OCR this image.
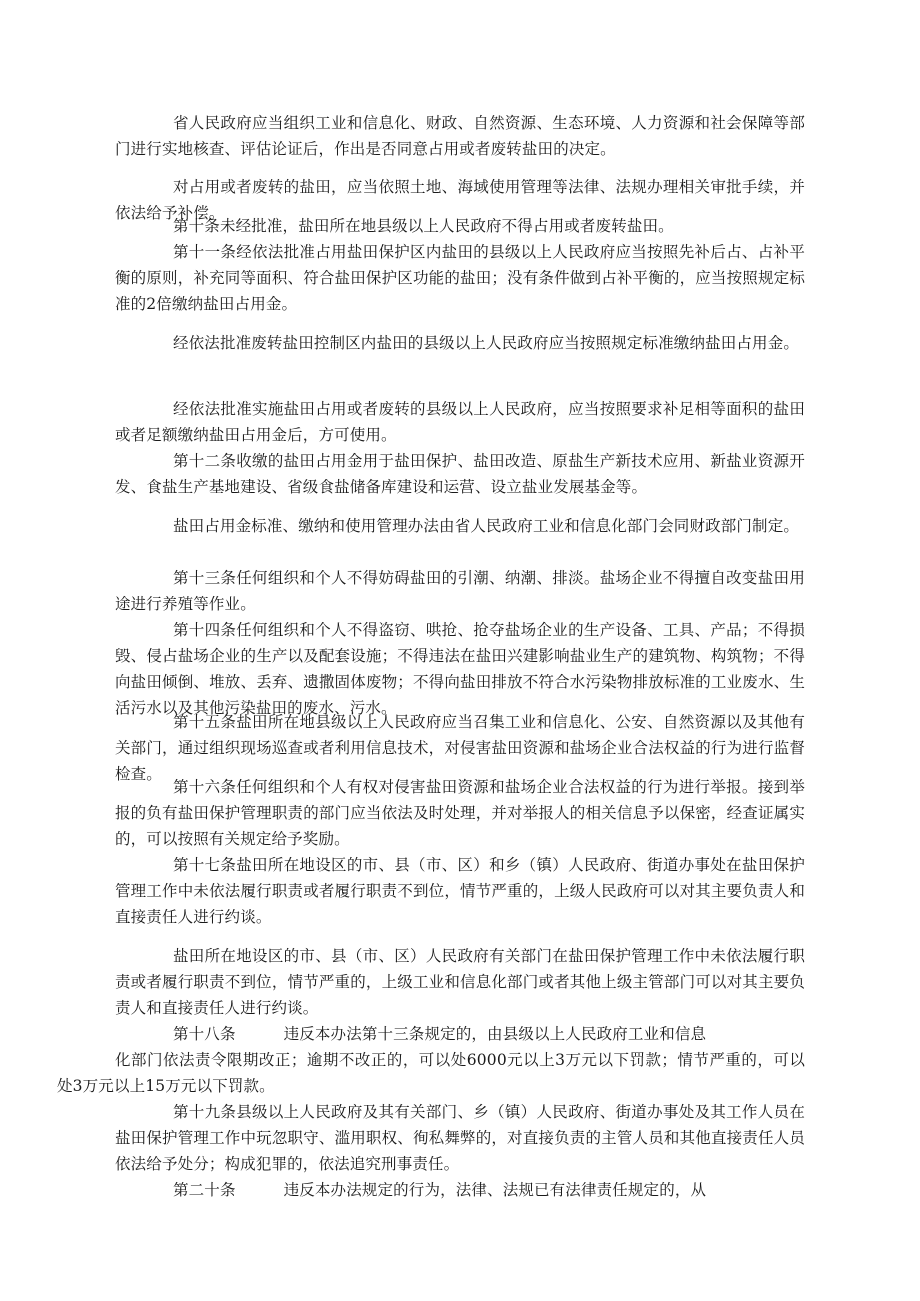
省人民政府应当组织工业和信息化、财政、自然资源、生态环境、人力资源和社会保障等部门进行实地核查、评估论证后，作出是否同意占用或者废转盐田的决定。

对占用或者废转的盐田，应当依照土地、海域使用管理等法律、法规办理相关审批手续，并依法给予补偿。

第十条未经批准，盐田所在地县级以上人民政府不得占用或者废转盐田。

第十一条经依法批准占用盐田保护区内盐田的县级以上人民政府应当按照先补后占、占补平衡的原则，补充同等面积、符合盐田保护区功能的盐田；没有条件做到占补平衡的，应当按照规定标准的2倍缴纳盐田占用金。

经依法批准废转盐田控制区内盐田的县级以上人民政府应当按照规定标准缴纳盐田占用金。

经依法批准实施盐田占用或者废转的县级以上人民政府，应当按照要求补足相等面积的盐田或者足额缴纳盐田占用金后，方可使用。

第十二条收缴的盐田占用金用于盐田保护、盐田改造、原盐生产新技术应用、新盐业资源开发、食盐生产基地建设、省级食盐储备库建设和运营、设立盐业发展基金等。

盐田占用金标准、缴纳和使用管理办法由省人民政府工业和信息化部门会同财政部门制定。

第十三条任何组织和个人不得妨碍盐田的引潮、纳潮、排淡。盐场企业不得擅自改变盐田用途进行养殖等作业。

第十四条任何组织和个人不得盗窃、哄抢、抢夺盐场企业的生产设备、工具、产品；不得损毁、侵占盐场企业的生产以及配套设施；不得违法在盐田兴建影响盐业生产的建筑物、构筑物；不得向盐田倾倒、堆放、丢弃、遗撒固体废物；不得向盐田排放不符合水污染物排放标准的工业废水、生活污水以及其他污染盐田的废水、污水。

第十五条盐田所在地县级以上人民政府应当召集工业和信息化、公安、自然资源以及其他有关部门，通过组织现场巡查或者利用信息技术，对侵害盐田资源和盐场企业合法权益的行为进行监督检查。

第十六条任何组织和个人有权对侵害盐田资源和盐场企业合法权益的行为进行举报。接到举报的负有盐田保护管理职责的部门应当依法及时处理，并对举报人的相关信息予以保密，经查证属实的，可以按照有关规定给予奖励。

第十七条盐田所在地设区的市、县（市、区）和乡（镇）人民政府、街道办事处在盐田保护管理工作中未依法履行职责或者履行职责不到位，情节严重的，上级人民政府可以对其主要负责人和直接责任人进行约谈。

盐田所在地设区的市、县（市、区）人民政府有关部门在盐田保护管理工作中未依法履行职责或者履行职责不到位，情节严重的，上级工业和信息化部门或者其他上级主管部门可以对其主要负责人和直接责任人进行约谈。

第十八条	违反本办法第十三条规定的，由县级以上人民政府工业和信息
化部门依法责令限期改正；逾期不改正的，可以处6000元以上3万元以下罚款；情节严重的，可以处3万元以上15万元以下罚款。

第十九条县级以上人民政府及其有关部门、乡（镇）人民政府、街道办事处及其工作人员在盐田保护管理工作中玩忽职守、滥用职权、徇私舞弊的，对直接负责的主管人员和其他直接责任人员依法给予处分；构成犯罪的，依法追究刑事责任。

第二十条	违反本办法规定的行为，法律、法规已有法律责任规定的，从
